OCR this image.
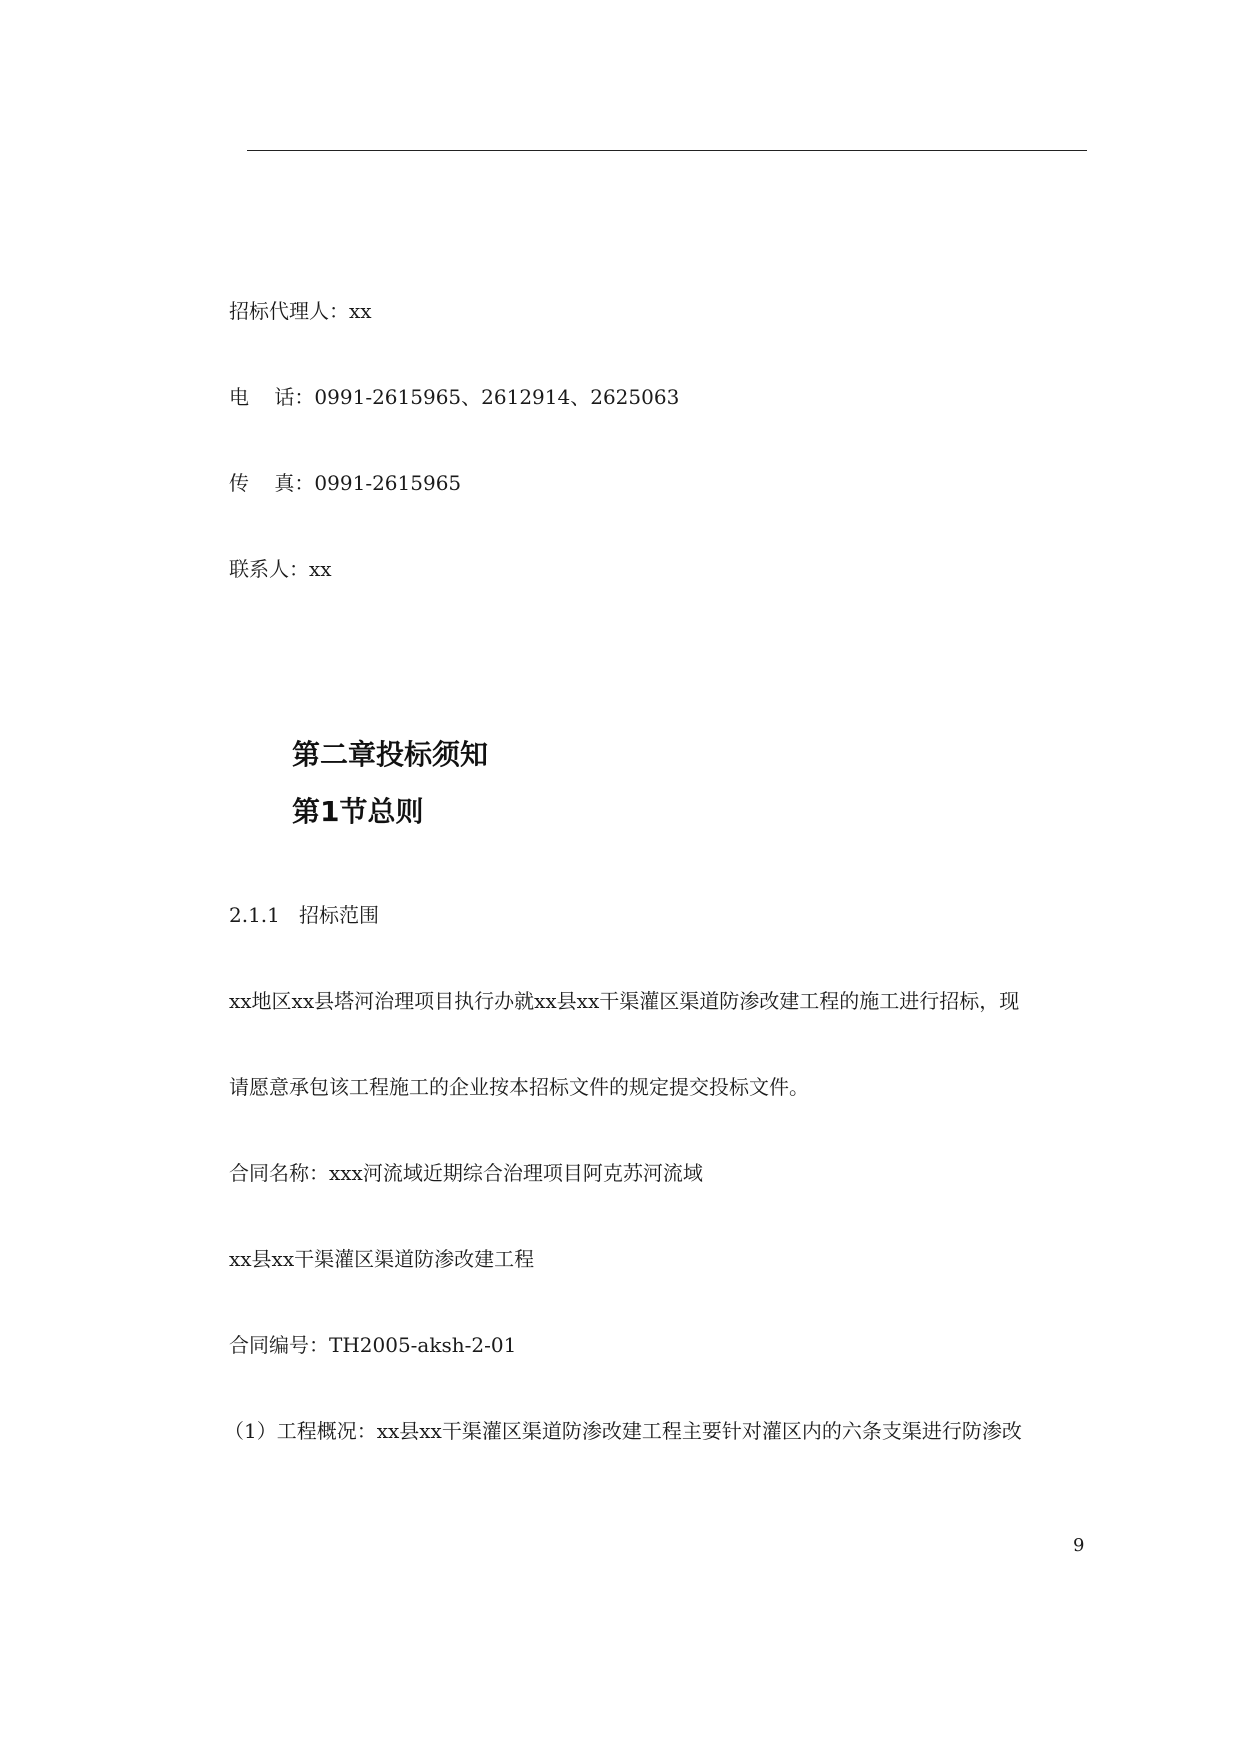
招标代理人：xx
电    话：0991-2615965、2612914、2625063
传    真：0991-2615965
联系人：xx
第二章投标须知
第1节总则
2.1.1   招标范围
xx地区xx县塔河治理项目执行办就xx县xx干渠灌区渠道防渗改建工程的施工进行招标，现
请愿意承包该工程施工的企业按本招标文件的规定提交投标文件。
合同名称：xxx河流域近期综合治理项目阿克苏河流域
xx县xx干渠灌区渠道防渗改建工程
合同编号：TH2005-aksh-2-01
（1）工程概况：xx县xx干渠灌区渠道防渗改建工程主要针对灌区内的六条支渠进行防渗改
9
